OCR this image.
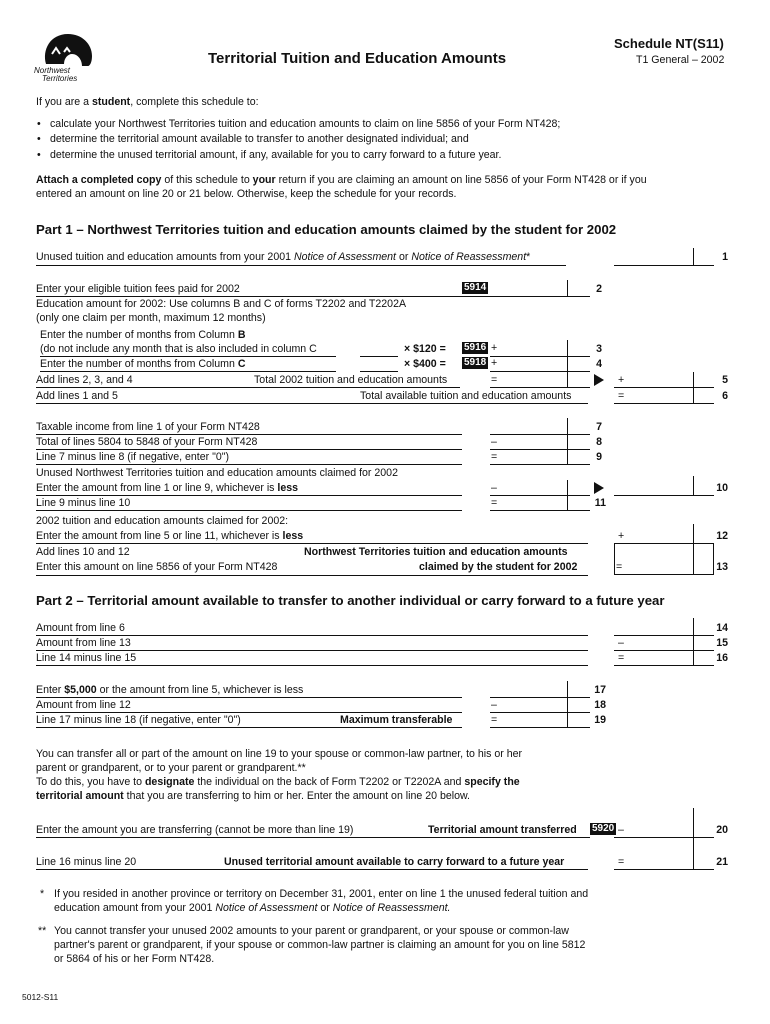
Northwest
Territories
Territorial Tuition and Education Amounts
Schedule NT(S11)
T1 General – 2002
If you are a student, complete this schedule to:
• calculate your Northwest Territories tuition and education amounts to claim on line 5856 of your Form NT428;
• determine the territorial amount available to transfer to another designated individual; and
• determine the unused territorial amount, if any, available for you to carry forward to a future year.
Attach a completed copy of this schedule to your return if you are claiming an amount on line 5856 of your Form NT428 or if you
entered an amount on line 20 or 21 below. Otherwise, keep the schedule for your records.
Part 1 – Northwest Territories tuition and education amounts claimed by the student for 2002
Unused tuition and education amounts from your 2001 Notice of Assessment or Notice of Reassessment*	1
Enter your eligible tuition fees paid for 2002	5914	2
Education amount for 2002: Use columns B and C of forms T2202 and T2202A
(only one claim per month, maximum 12 months)
Enter the number of months from Column B
(do not include any month that is also included in column C	× $120 = 5916 +	3
Enter the number of months from Column C	× $400 = 5918 +	4
Add lines 2, 3, and 4	Total 2002 tuition and education amounts	=	+	5
Add lines 1 and 5	Total available tuition and education amounts	=	6
Taxable income from line 1 of your Form NT428	7
Total of lines 5804 to 5848 of your Form NT428	–	8
Line 7 minus line 8 (if negative, enter "0")	=	9
Unused Northwest Territories tuition and education amounts claimed for 2002
Enter the amount from line 1 or line 9, whichever is less	–	10
Line 9 minus line 10	=	11
2002 tuition and education amounts claimed for 2002:
Enter the amount from line 5 or line 11, whichever is less	+	12
Add lines 10 and 12
Enter this amount on line 5856 of your Form NT428
Northwest Territories tuition and education amounts
claimed by the student for 2002	=	13
Part 2 – Territorial amount available to transfer to another individual or carry forward to a future year
Amount from line 6	14
Amount from line 13	–	15
Line 14 minus line 15	=	16
Enter $5,000 or the amount from line 5, whichever is less	17
Amount from line 12	–	18
Line 17 minus line 18 (if negative, enter "0")	Maximum transferable	=	19
You can transfer all or part of the amount on line 19 to your spouse or common-law partner, to his or her
parent or grandparent, or to your parent or grandparent.**
To do this, you have to designate the individual on the back of Form T2202 or T2202A and specify the
territorial amount that you are transferring to him or her. Enter the amount on line 20 below.
Enter the amount you are transferring (cannot be more than line 19)	Territorial amount transferred 5920 –	20
Line 16 minus line 20	Unused territorial amount available to carry forward to a future year	=	21
* If you resided in another province or territory on December 31, 2001, enter on line 1 the unused federal tuition and
education amount from your 2001 Notice of Assessment or Notice of Reassessment.
** You cannot transfer your unused 2002 amounts to your parent or grandparent, or your spouse or common-law
partner's parent or grandparent, if your spouse or common-law partner is claiming an amount for you on line 5812
or 5864 of his or her Form NT428.
5012-S11
